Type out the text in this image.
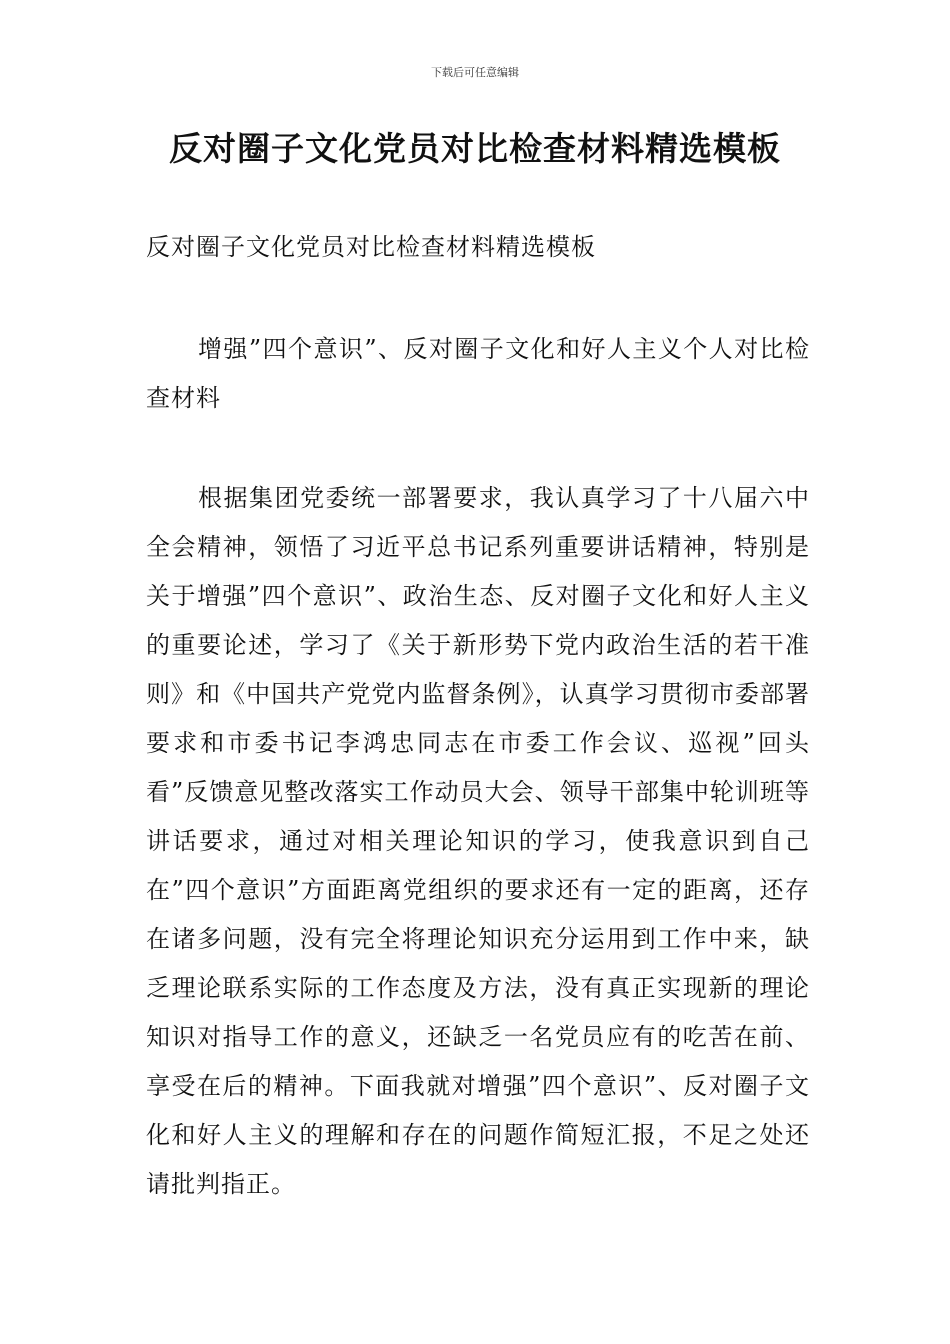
下载后可任意编辑
反对圈子文化党员对比检查材料精选模板

反对圈子文化党员对比检查材料精选模板

增强”四个意识”、反对圈子文化和好人主义个人对比检查材料

根据集团党委统一部署要求，我认真学习了十八届六中全会精神，领悟了习近平总书记系列重要讲话精神，特别是关于增强”四个意识”、政治生态、反对圈子文化和好人主义的重要论述，学习了《关于新形势下党内政治生活的若干准则》和《中国共产党党内监督条例》，认真学习贯彻市委部署要求和市委书记李鸿忠同志在市委工作会议、巡视”回头看”反馈意见整改落实工作动员大会、领导干部集中轮训班等讲话要求，通过对相关理论知识的学习，使我意识到自己在”四个意识”方面距离党组织的要求还有一定的距离，还存在诸多问题，没有完全将理论知识充分运用到工作中来，缺乏理论联系实际的工作态度及方法，没有真正实现新的理论知识对指导工作的意义，还缺乏一名党员应有的吃苦在前、享受在后的精神。下面我就对增强”四个意识”、反对圈子文化和好人主义的理解和存在的问题作简短汇报，不足之处还请批判指正。
